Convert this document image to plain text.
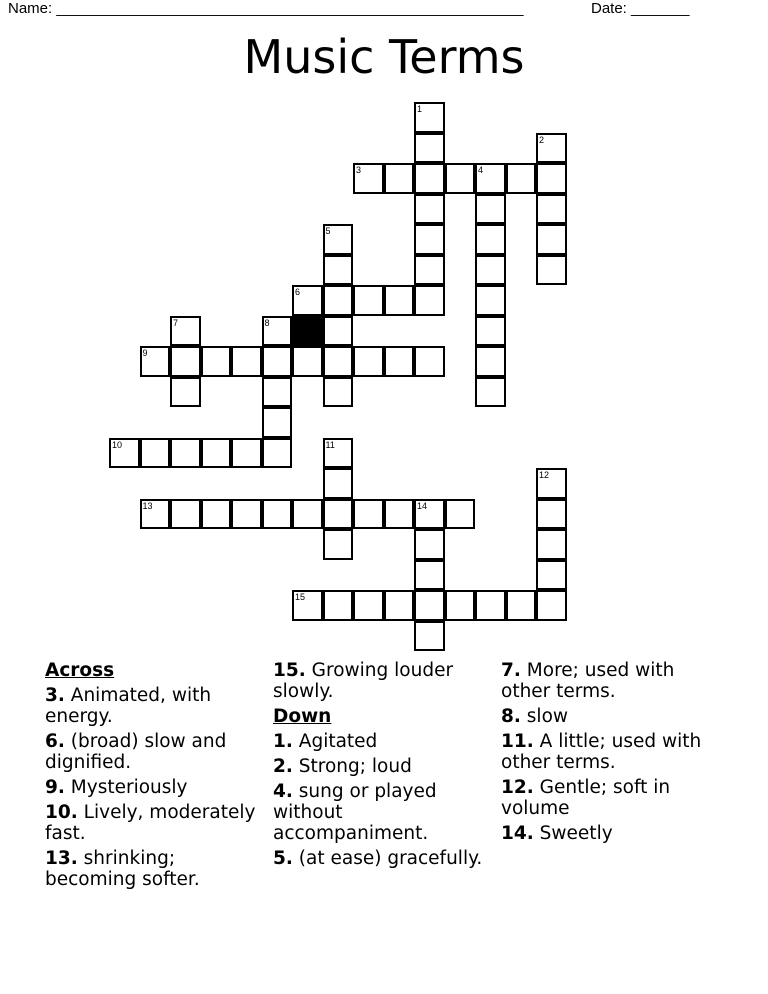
Name: ________________________________________________________	Date: _______
Music Terms
1
2
3	4
5
6
7	8
9
10	11
12
13	14
15
Across
3. Animated, with energy.
6. (broad) slow and dignified.
9. Mysteriously
10. Lively, moderately fast.
13. shrinking; becoming softer.
15. Growing louder slowly.
Down
1. Agitated
2. Strong; loud
4. sung or played without accompaniment.
5. (at ease) gracefully.
7. More; used with other terms.
8. slow
11. A little; used with other terms.
12. Gentle; soft in volume
14. Sweetly
